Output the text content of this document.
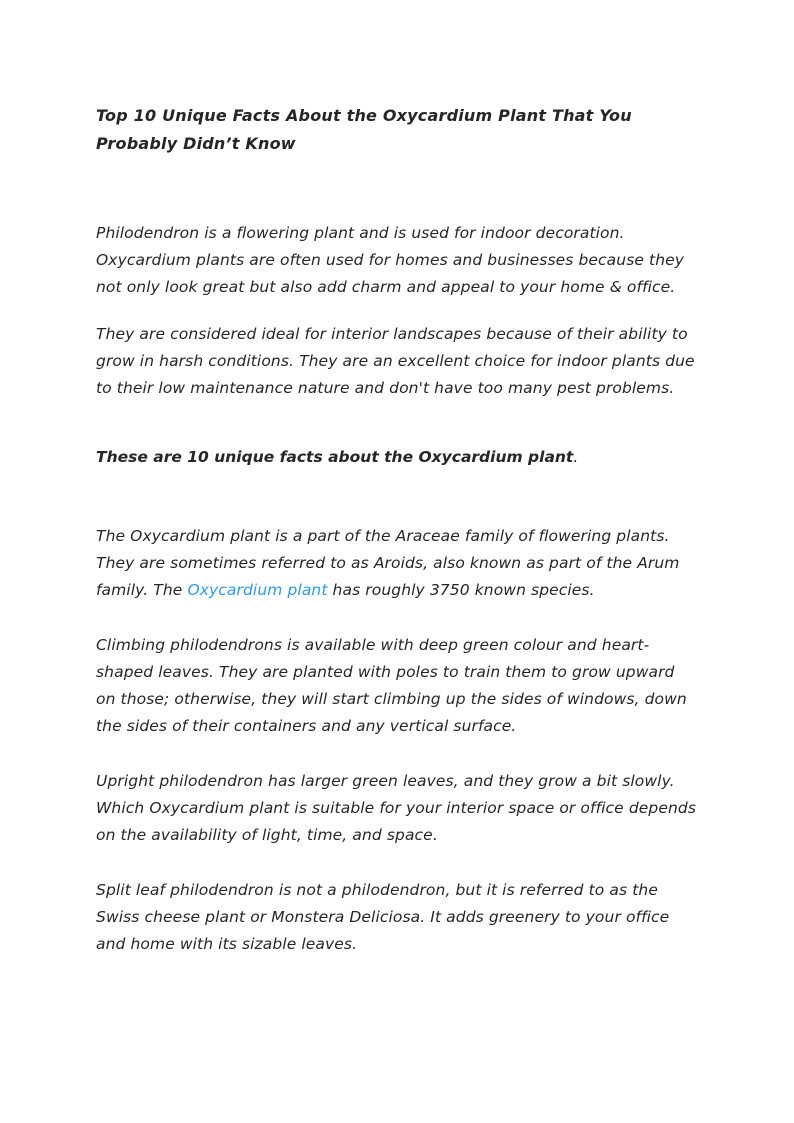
Top 10 Unique Facts About the Oxycardium Plant That You Probably Didn’t Know

Philodendron is a flowering plant and is used for indoor decoration. Oxycardium plants are often used for homes and businesses because they not only look great but also add charm and appeal to your home & office.

They are considered ideal for interior landscapes because of their ability to grow in harsh conditions. They are an excellent choice for indoor plants due to their low maintenance nature and don't have too many pest problems.

These are 10 unique facts about the Oxycardium plant.

The Oxycardium plant is a part of the Araceae family of flowering plants. They are sometimes referred to as Aroids, also known as part of the Arum family. The Oxycardium plant has roughly 3750 known species.

Climbing philodendrons is available with deep green colour and heart-shaped leaves. They are planted with poles to train them to grow upward on those; otherwise, they will start climbing up the sides of windows, down the sides of their containers and any vertical surface.

Upright philodendron has larger green leaves, and they grow a bit slowly. Which Oxycardium plant is suitable for your interior space or office depends on the availability of light, time, and space.

Split leaf philodendron is not a philodendron, but it is referred to as the Swiss cheese plant or Monstera Deliciosa. It adds greenery to your office and home with its sizable leaves.
